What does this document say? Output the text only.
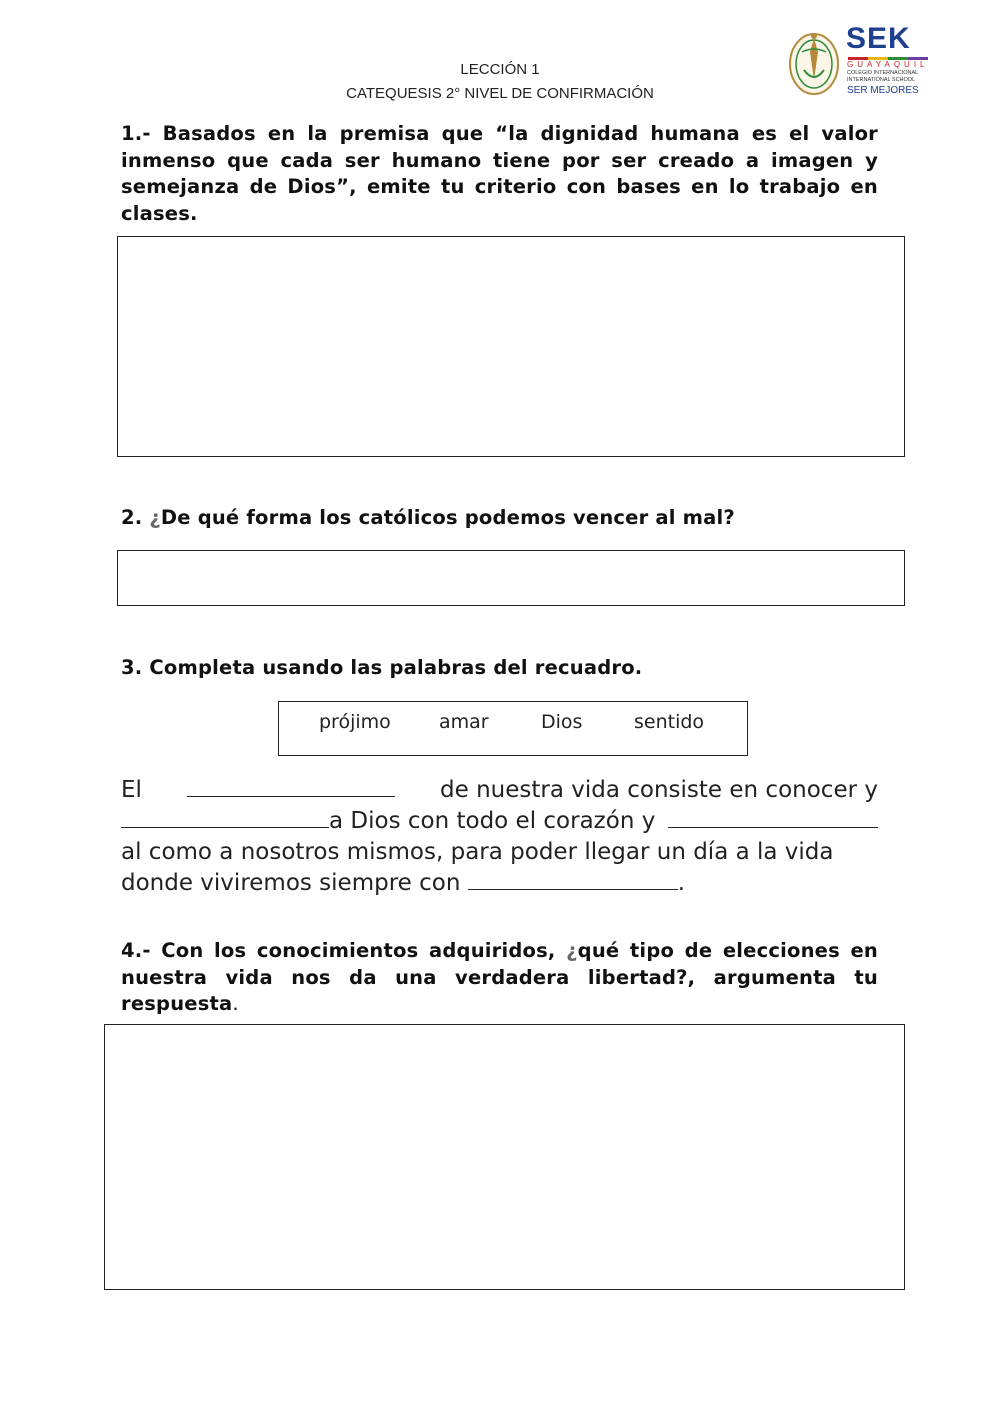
LECCIÓN 1
CATEQUESIS 2° NIVEL DE CONFIRMACIÓN
SEK
GUAYAQUIL
COLEGIO INTERNACIONAL
INTERNATIONAL SCHOOL
SER MEJORES
1.- Basados en la premisa que “la dignidad humana es el valor
inmenso que cada ser humano tiene por ser creado a imagen y
semejanza de Dios”, emite tu criterio con bases en lo trabajo en
clases.
2. ¿De qué forma los católicos podemos vencer al mal?
3. Completa usando las palabras del recuadro.
prójimo	amar	Dios	sentido
El	de nuestra vida consiste en conocer y
a Dios con todo el corazón y
al como a nosotros mismos, para poder llegar un día a la vida
donde viviremos siempre con	.
4.- Con los conocimientos adquiridos, ¿qué tipo de elecciones en
nuestra vida nos da una verdadera libertad?, argumenta tu
respuesta.
